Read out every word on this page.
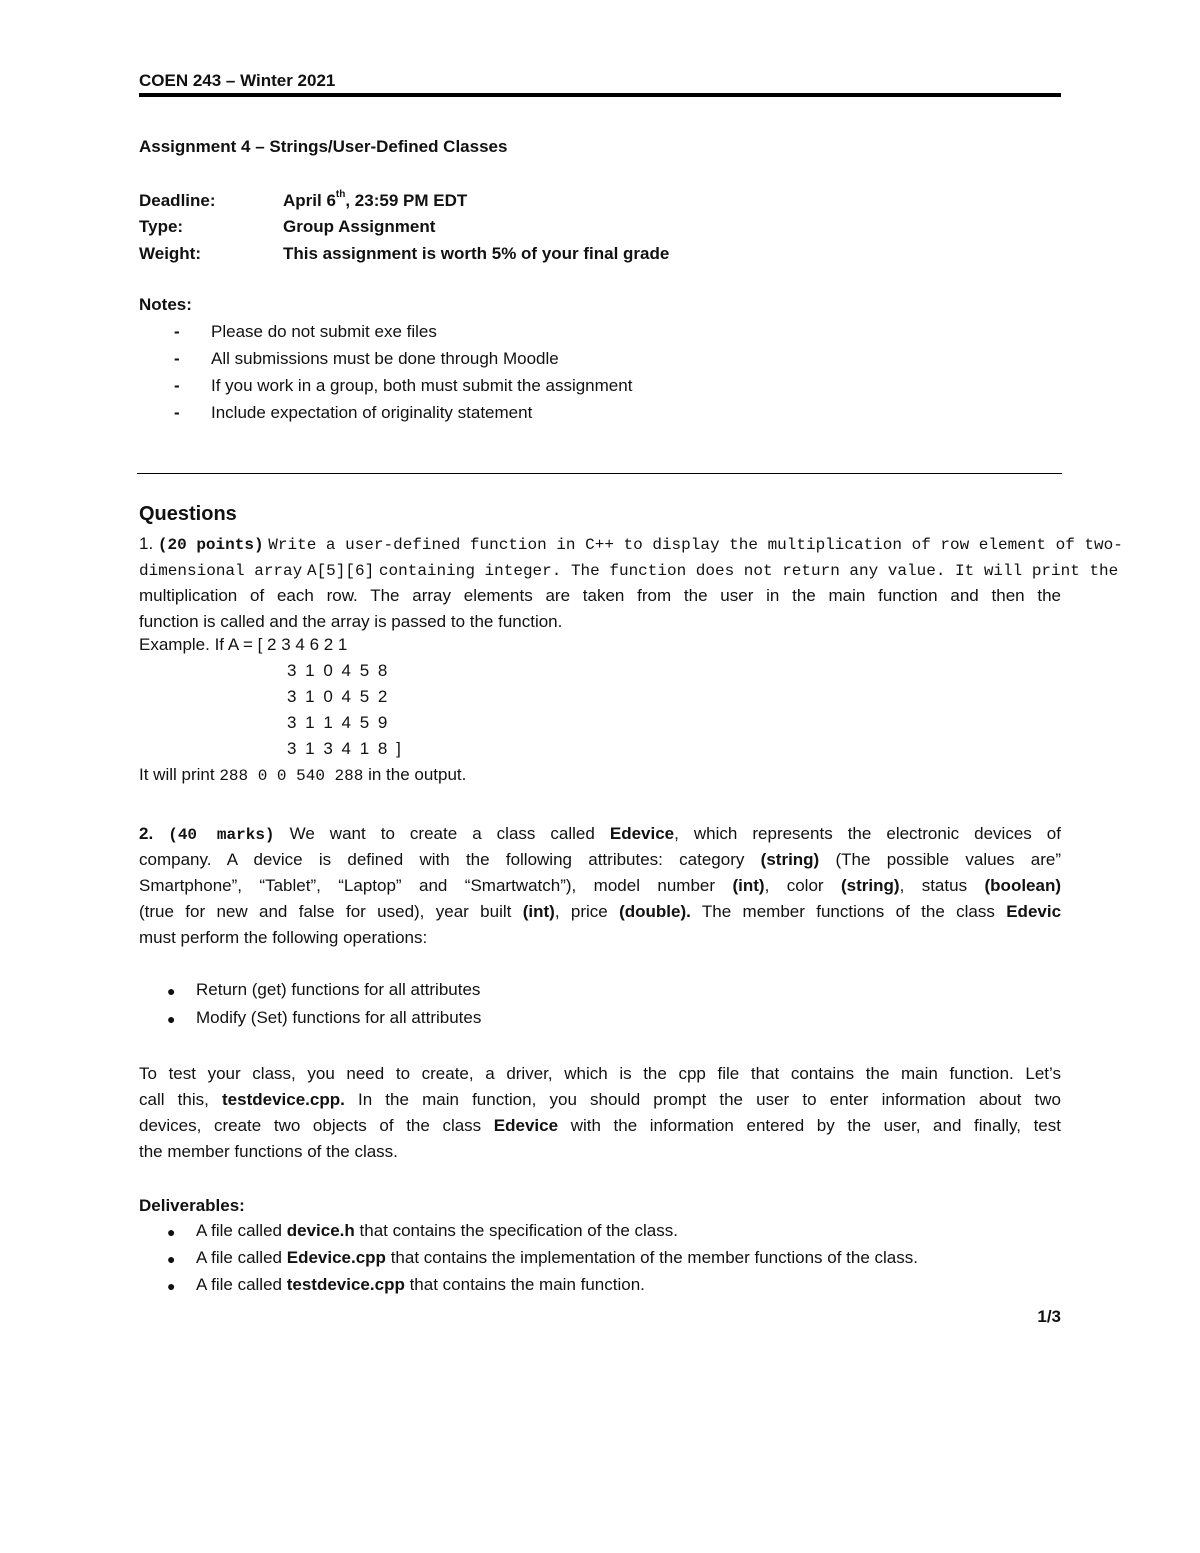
COEN 243 – Winter 2021
Assignment 4 – Strings/User-Defined Classes
Deadline:	April 6th, 23:59 PM EDT
Type:	Group Assignment
Weight:	This assignment is worth 5% of your final grade
Notes:
- Please do not submit exe files
- All submissions must be done through Moodle
- If you work in a group, both must submit the assignment
- Include expectation of originality statement
Questions
1. (20 points) Write a user-defined function in C++ to display the multiplication of row element of two-
dimensional array A[5][6] containing integer. The function does not return any value. It will print the
multiplication of each row. The array elements are taken from the user in the main function and then the
function is called and the array is passed to the function.
Example. If A = [ 2 3 4 6 2 1
3 1 0 4 5 8
3 1 0 4 5 2
3 1 1 4 5 9
3 1 3 4 1 8 ]
It will print 288 0 0 540 288 in the output.
2. (40 marks) We want to create a class called Edevice, which represents the electronic devices of
company. A device is defined with the following attributes: category (string) (The possible values are”
Smartphone”, “Tablet”, “Laptop” and “Smartwatch”), model number (int), color (string), status (boolean)
(true for new and false for used), year built (int), price (double). The member functions of the class Edevic
must perform the following operations:
● Return (get) functions for all attributes
● Modify (Set) functions for all attributes
To test your class, you need to create, a driver, which is the cpp file that contains the main function. Let’s
call this, testdevice.cpp. In the main function, you should prompt the user to enter information about two
devices, create two objects of the class Edevice with the information entered by the user, and finally, test
the member functions of the class.
Deliverables:
● A file called device.h that contains the specification of the class.
● A file called Edevice.cpp that contains the implementation of the member functions of the class.
● A file called testdevice.cpp that contains the main function.
1/3
